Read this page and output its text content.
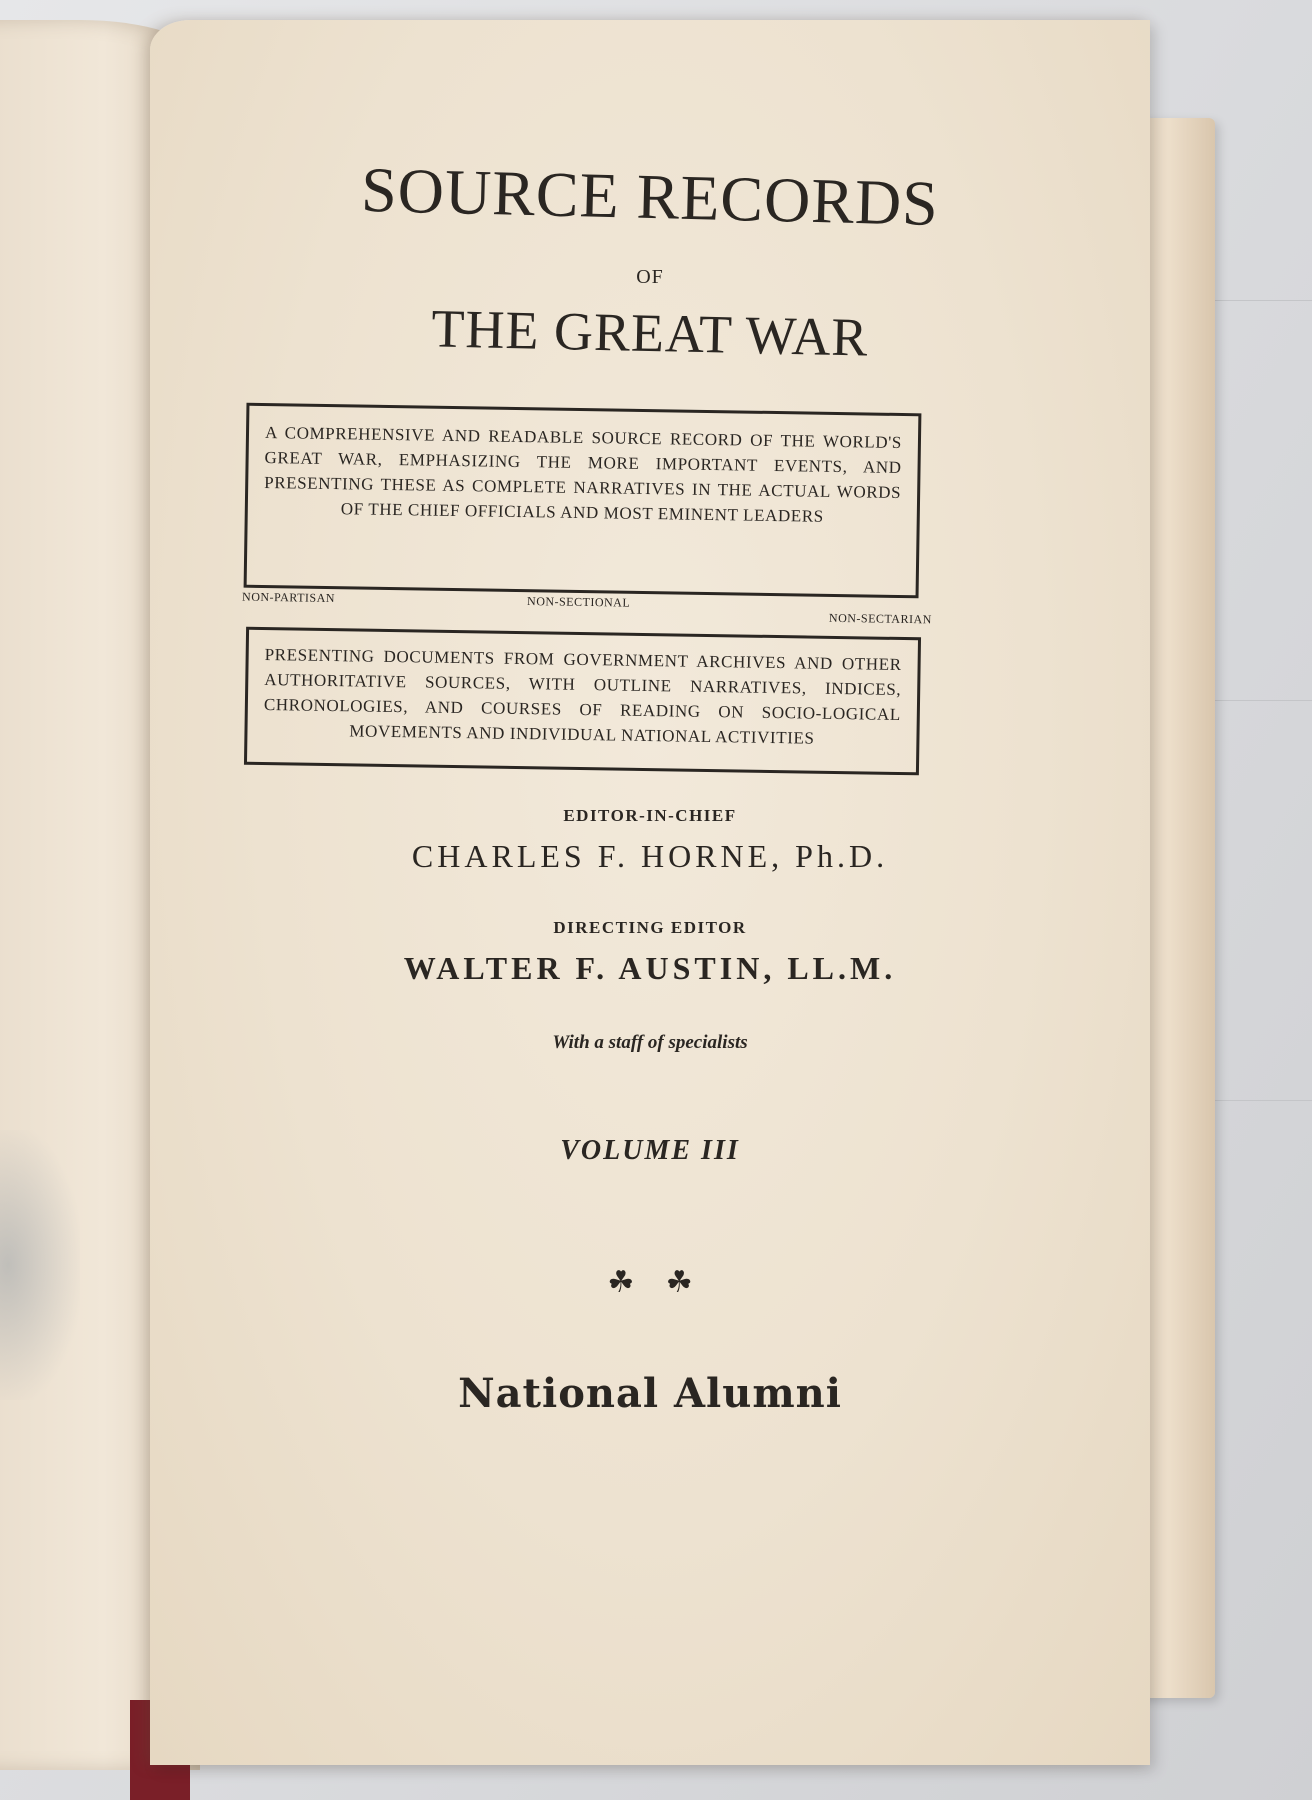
SOURCE RECORDS
OF
THE GREAT WAR
A COMPREHENSIVE AND READABLE SOURCE RECORD OF THE WORLD'S GREAT WAR, EMPHASIZING THE MORE IMPORTANT EVENTS, AND PRESENTING THESE AS COMPLETE NARRATIVES IN THE ACTUAL WORDS OF THE CHIEF OFFICIALS AND MOST EMINENT LEADERS
NON-PARTISAN	NON-SECTIONAL
NON-SECTARIAN
PRESENTING DOCUMENTS FROM GOVERNMENT ARCHIVES AND OTHER AUTHORITATIVE SOURCES, WITH OUTLINE NARRATIVES, INDICES, CHRONOLOGIES, AND COURSES OF READING ON SOCIO-LOGICAL MOVEMENTS AND INDIVIDUAL NATIONAL ACTIVITIES
EDITOR-IN-CHIEF
CHARLES F. HORNE, Ph.D.
DIRECTING EDITOR
WALTER F. AUSTIN, LL.M.
With a staff of specialists
VOLUME III
☘ ☘
National Alumni
